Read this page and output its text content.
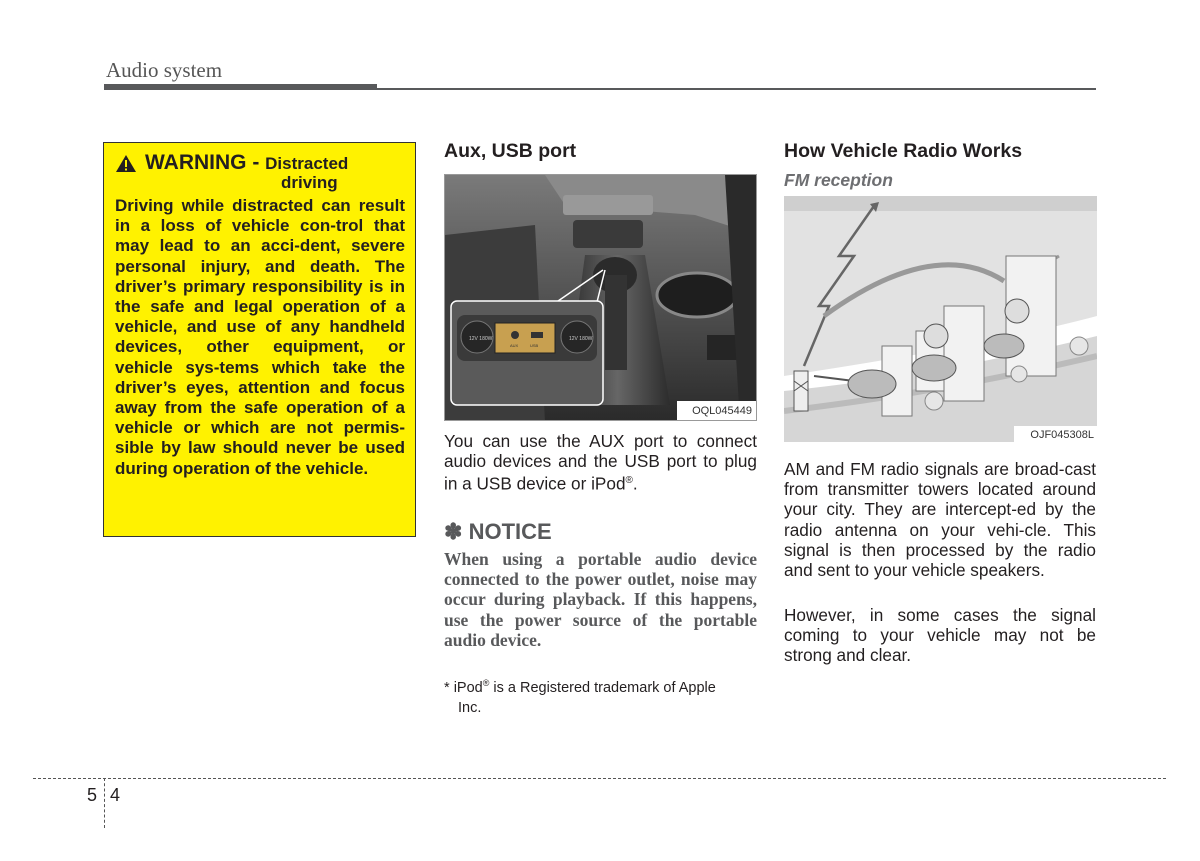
Audio system
WARNING - Distracted
driving
Driving while distracted can result in a loss of vehicle con-trol that may lead to an acci-dent, severe personal injury, and death. The driver’s primary responsibility is in the safe and legal operation of a vehicle, and use of any handheld devices, other equipment, or vehicle sys-tems which take the driver’s eyes, attention and focus away from the safe operation of a vehicle or which are not permis-sible by law should never be used during operation of the vehicle.
Aux, USB port
12V 180W	12V 180W
AUX	USB
OQL045449
You can use the AUX port to connect audio devices and the USB port to plug in a USB device or iPod®.
✽ NOTICE
When using a portable audio device connected to the power outlet, noise may occur during playback. If this happens, use the power source of the portable audio device.
* iPod® is a Registered trademark of Apple
Inc.
How Vehicle Radio Works
FM reception
OJF045308L
AM and FM radio signals are broad-cast from transmitter towers located around your city. They are intercept-ed by the radio antenna on your vehi-cle. This signal is then processed by the radio and sent to your vehicle speakers.
However, in some cases the signal coming to your vehicle may not be strong and clear.
5 4
